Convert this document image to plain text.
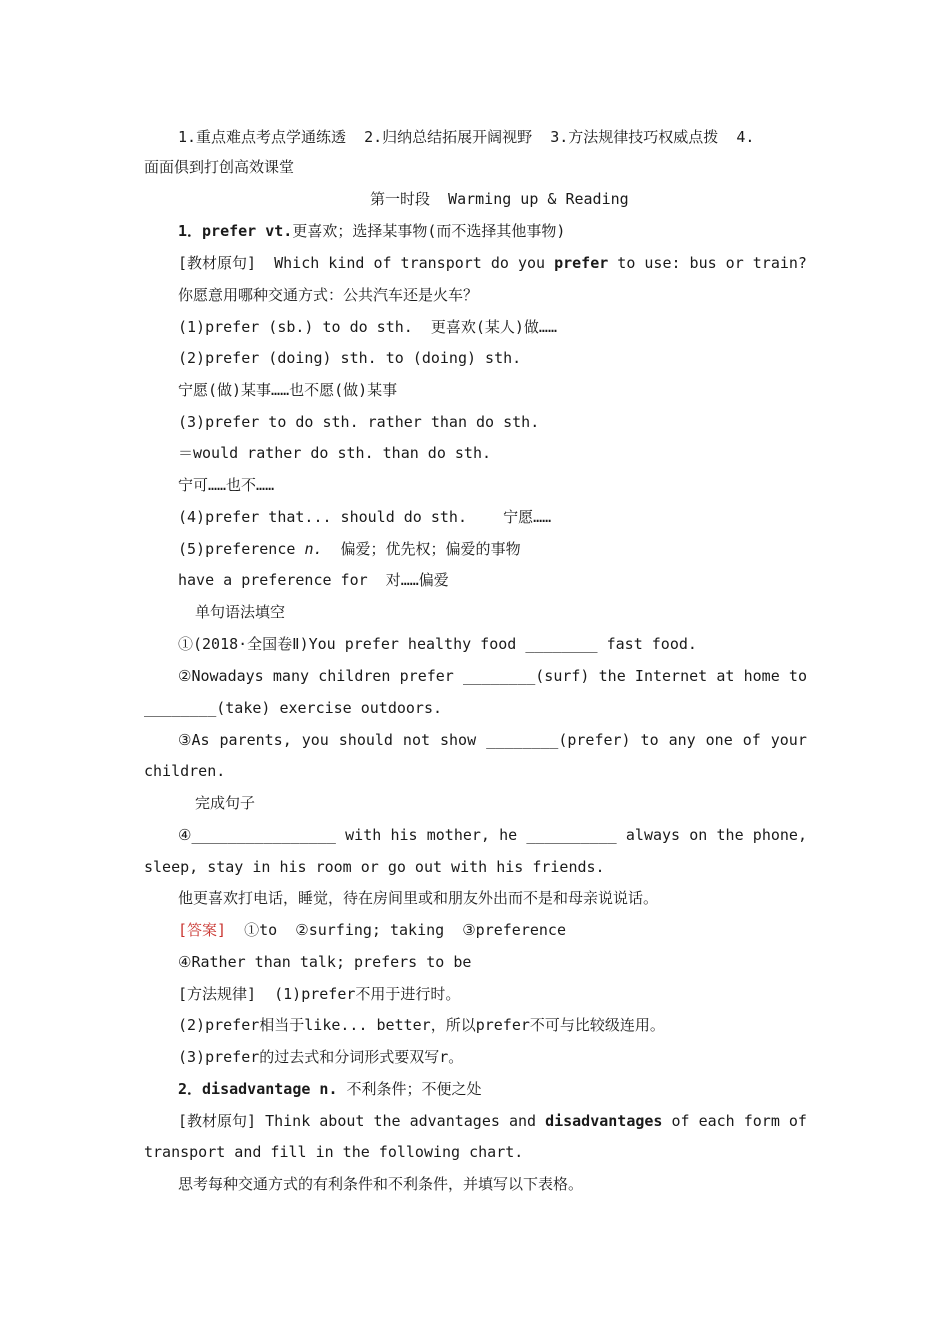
1.重点难点考点学通练透  2.归纳总结拓展开阔视野  3.方法规律技巧权威点拨  4.
面面俱到打创高效课堂
第一时段  Warming up & Reading
1．prefer vt.更喜欢；选择某事物(而不选择其他事物)
[教材原句] Which kind of transport do you prefer to use: bus or train?
你愿意用哪种交通方式：公共汽车还是火车？
(1)prefer (sb.) to do sth.  更喜欢(某人)做……
(2)prefer (doing) sth. to (doing) sth.
宁愿(做)某事……也不愿(做)某事
(3)prefer to do sth. rather than do sth.
＝would rather do sth. than do sth.
宁可……也不……
(4)prefer that... should do sth.    宁愿……
(5)preference n.  偏爱；优先权；偏爱的事物
have a preference for  对……偏爱
单句语法填空
①(2018·全国卷Ⅱ)You prefer healthy food ________ fast food.
②Nowadays many children prefer ________(surf) the Internet at home to
________(take) exercise outdoors.
③As parents, you should not show ________(prefer) to any one of your
children.
完成句子
④________________ with his mother, he __________ always on the phone,
sleep, stay in his room or go out with his friends.
他更喜欢打电话，睡觉，待在房间里或和朋友外出而不是和母亲说说话。
[答案]  ①to  ②surfing; taking  ③preference
④Rather than talk; prefers to be
[方法规律]  (1)prefer不用于进行时。
(2)prefer相当于like... better，所以prefer不可与比较级连用。
(3)prefer的过去式和分词形式要双写r。
2．disadvantage n. 不利条件；不便之处
[教材原句] Think about the advantages and disadvantages of each form of
transport and fill in the following chart.
思考每种交通方式的有利条件和不利条件，并填写以下表格。
